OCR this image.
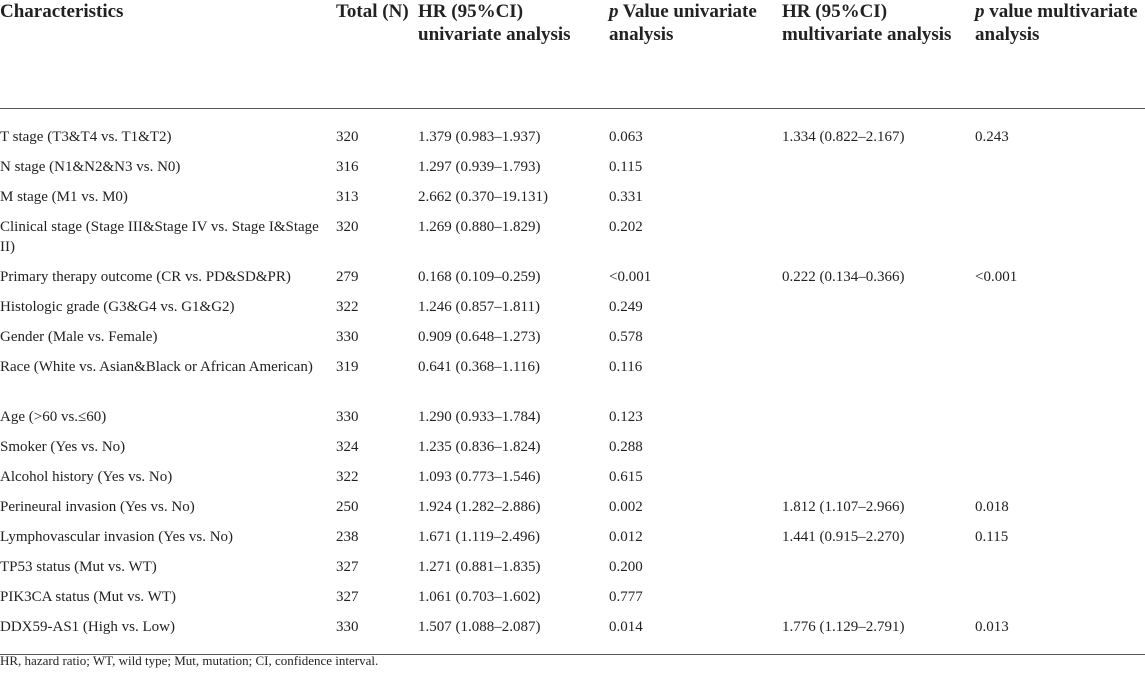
Characteristics	Total (N)	HR (95%CI) univariate analysis	p Value univariate analysis	HR (95%CI) multivariate analysis	p value multivariate analysis
T stage (T3&T4 vs. T1&T2)	320	1.379 (0.983–1.937)	0.063	1.334 (0.822–2.167)	0.243
N stage (N1&N2&N3 vs. N0)	316	1.297 (0.939–1.793)	0.115		
M stage (M1 vs. M0)	313	2.662 (0.370–19.131)	0.331		
Clinical stage (Stage III&Stage IV vs. Stage I&Stage II)	320	1.269 (0.880–1.829)	0.202		
Primary therapy outcome (CR vs. PD&SD&PR)	279	0.168 (0.109–0.259)	<0.001	0.222 (0.134–0.366)	<0.001
Histologic grade (G3&G4 vs. G1&G2)	322	1.246 (0.857–1.811)	0.249		
Gender (Male vs. Female)	330	0.909 (0.648–1.273)	0.578		
Race (White vs. Asian&Black or African American)	319	0.641 (0.368–1.116)	0.116		
Age (>60 vs.≤60)	330	1.290 (0.933–1.784)	0.123		
Smoker (Yes vs. No)	324	1.235 (0.836–1.824)	0.288		
Alcohol history (Yes vs. No)	322	1.093 (0.773–1.546)	0.615		
Perineural invasion (Yes vs. No)	250	1.924 (1.282–2.886)	0.002	1.812 (1.107–2.966)	0.018
Lymphovascular invasion (Yes vs. No)	238	1.671 (1.119–2.496)	0.012	1.441 (0.915–2.270)	0.115
TP53 status (Mut vs. WT)	327	1.271 (0.881–1.835)	0.200		
PIK3CA status (Mut vs. WT)	327	1.061 (0.703–1.602)	0.777		
DDX59-AS1 (High vs. Low)	330	1.507 (1.088–2.087)	0.014	1.776 (1.129–2.791)	0.013
HR, hazard ratio; WT, wild type; Mut, mutation; CI, confidence interval.
